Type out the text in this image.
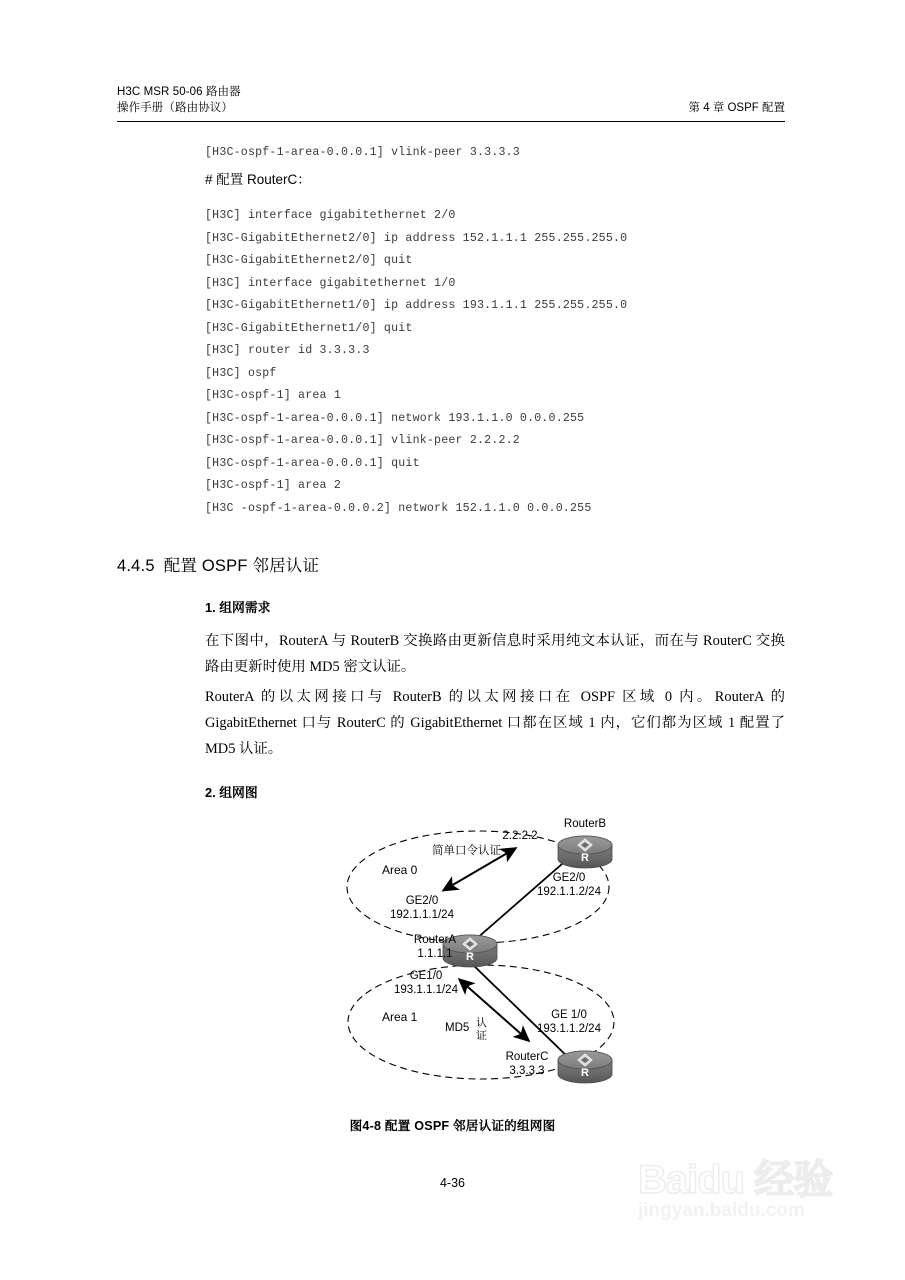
H3C MSR 50-06 路由器
操作手册（路由协议）	第 4 章 OSPF 配置
[H3C-ospf-1-area-0.0.0.1] vlink-peer 3.3.3.3
# 配置 RouterC：
[H3C] interface gigabitethernet 2/0
[H3C-GigabitEthernet2/0] ip address 152.1.1.1 255.255.255.0
[H3C-GigabitEthernet2/0] quit
[H3C] interface gigabitethernet 1/0
[H3C-GigabitEthernet1/0] ip address 193.1.1.1 255.255.255.0
[H3C-GigabitEthernet1/0] quit
[H3C] router id 3.3.3.3
[H3C] ospf
[H3C-ospf-1] area 1
[H3C-ospf-1-area-0.0.0.1] network 193.1.1.0 0.0.0.255
[H3C-ospf-1-area-0.0.0.1] vlink-peer 2.2.2.2
[H3C-ospf-1-area-0.0.0.1] quit
[H3C-ospf-1] area 2
[H3C -ospf-1-area-0.0.0.2] network 152.1.1.0 0.0.0.255
4.4.5 配置 OSPF 邻居认证
1. 组网需求
在下图中，RouterA 与 RouterB 交换路由更新信息时采用纯文本认证，而在与 RouterC 交换路由更新时使用 MD5 密文认证。
RouterA 的以太网接口与 RouterB 的以太网接口在 OSPF 区域 0 内。RouterA 的 GigabitEthernet 口与 RouterC 的 GigabitEthernet 口都在区域 1 内，它们都为区域 1 配置了 MD5 认证。
2. 组网图
R
RouterB
R
RouterA
1.1.1.1
R
RouterC
3.3.3.3
Area 0
Area 1
2.2.2.2
简单口令认证
MD5 认
证
GE2/0
192.1.1.1/24
GE2/0
192.1.1.2/24
GE1/0
193.1.1.1/24
GE 1/0
193.1.1.2/24
图4-8 配置 OSPF 邻居认证的组网图
4-36	Baidu 经验
jingyan.baidu.com
